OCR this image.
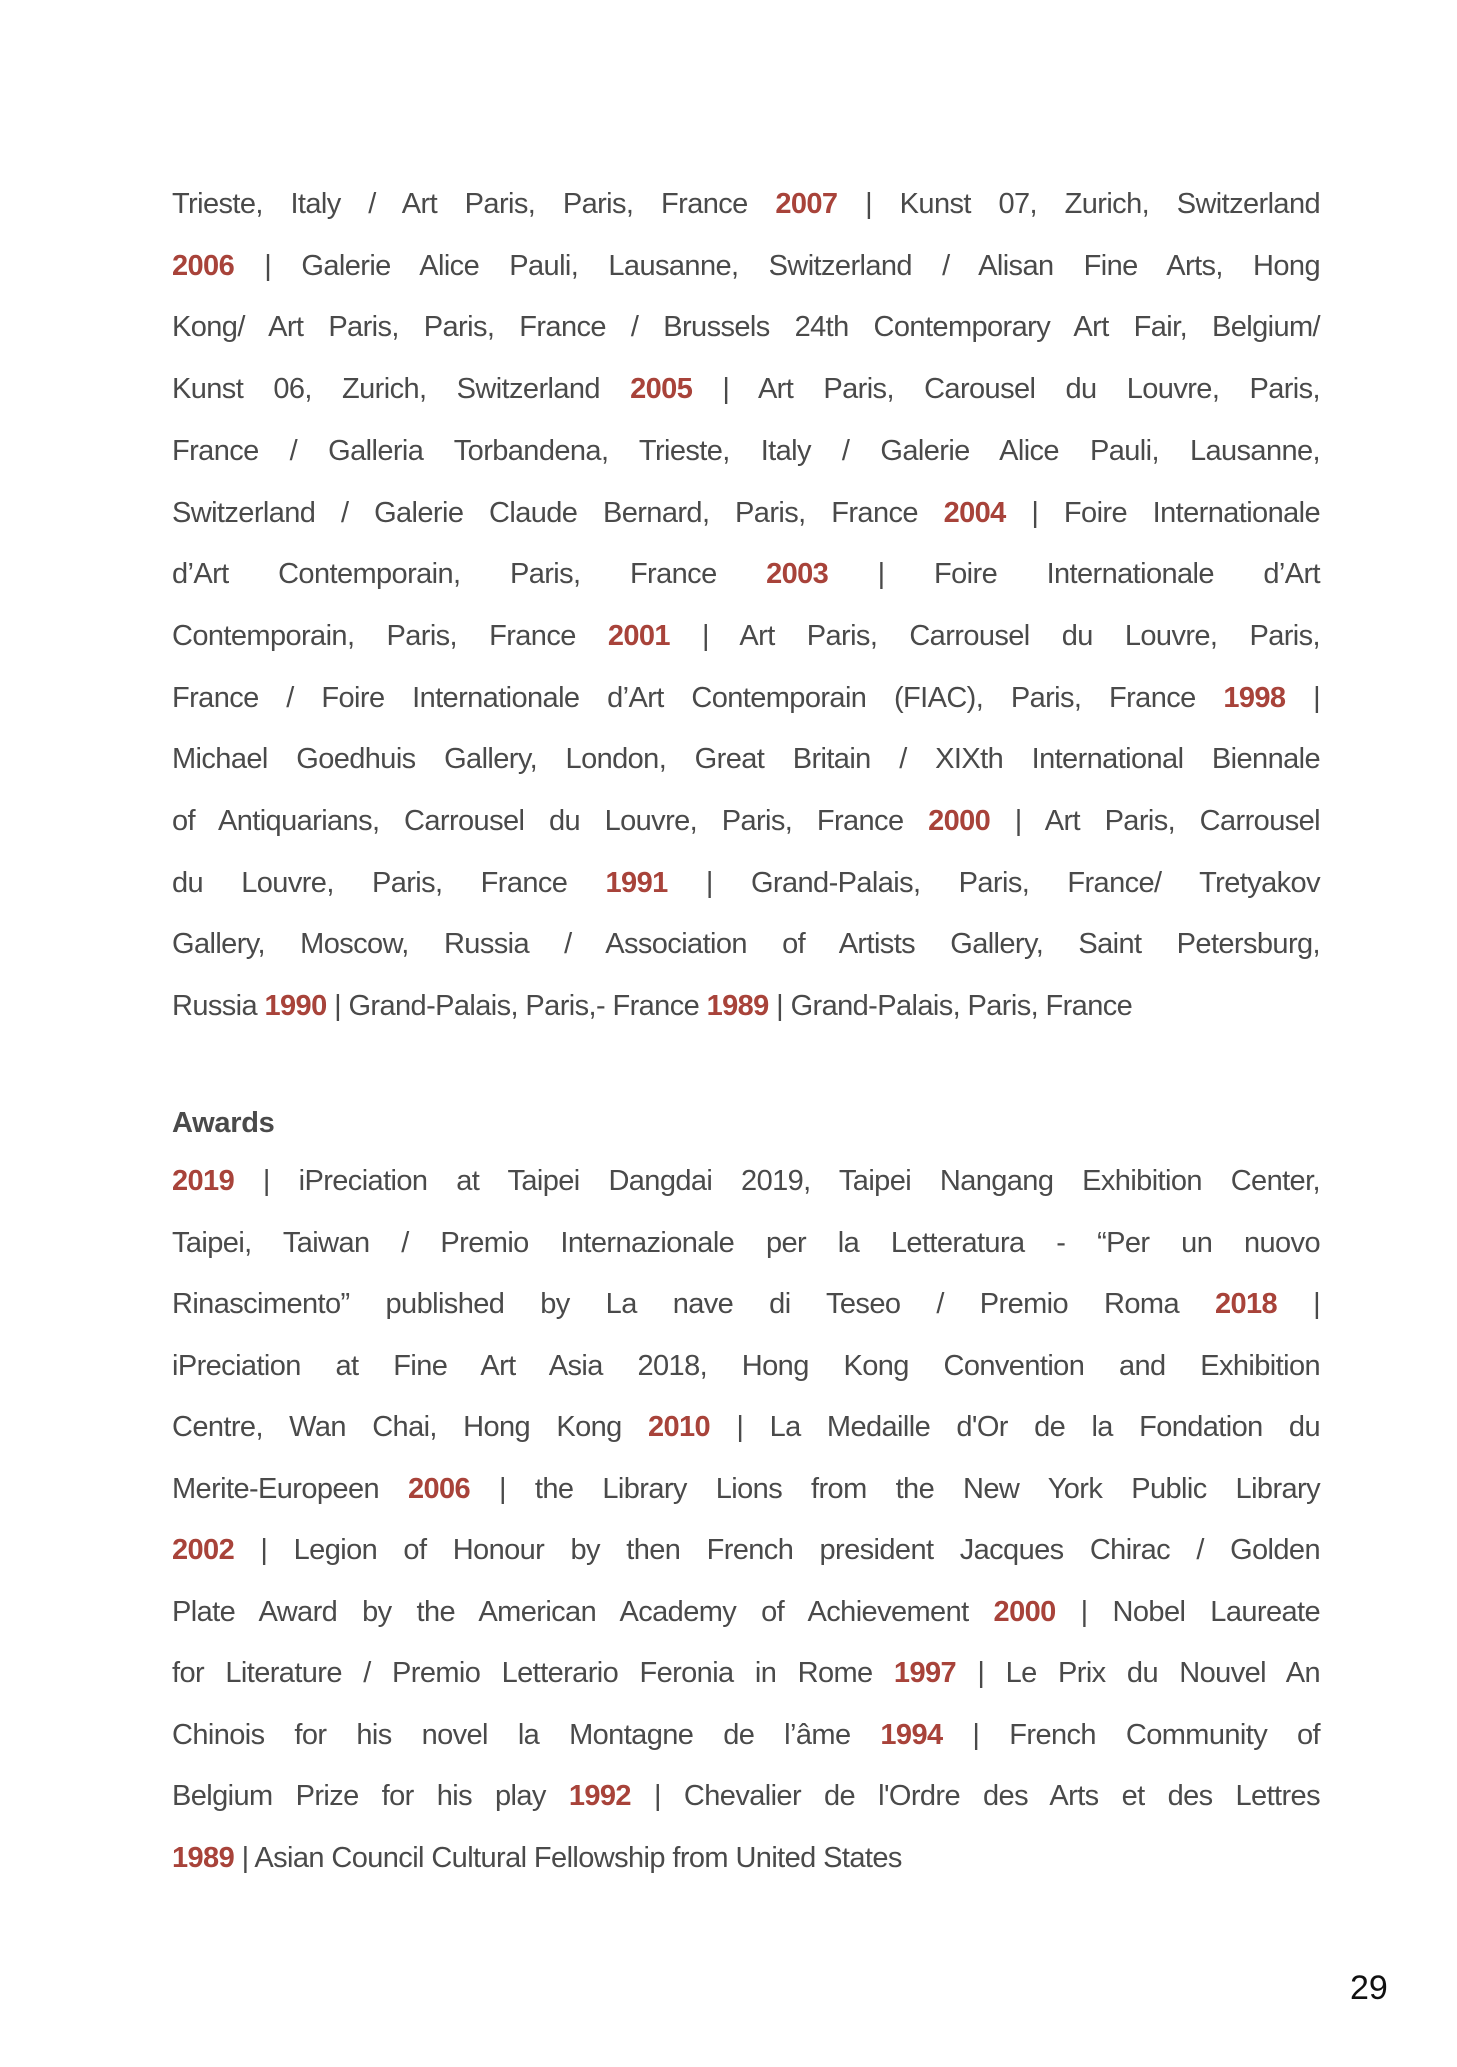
Trieste, Italy / Art Paris, Paris, France 2007 | Kunst 07, Zurich, Switzerland
2006 | Galerie Alice Pauli, Lausanne, Switzerland / Alisan Fine Arts, Hong
Kong/ Art Paris, Paris, France / Brussels 24th Contemporary Art Fair, Belgium/
Kunst 06, Zurich, Switzerland 2005 | Art Paris, Carousel du Louvre, Paris,
France / Galleria Torbandena, Trieste, Italy / Galerie Alice Pauli, Lausanne,
Switzerland / Galerie Claude Bernard, Paris, France 2004 | Foire Internationale
d’Art Contemporain, Paris, France 2003 | Foire Internationale d’Art
Contemporain, Paris, France 2001 | Art Paris, Carrousel du Louvre, Paris,
France / Foire Internationale d’Art Contemporain (FIAC), Paris, France 1998 |
Michael Goedhuis Gallery, London, Great Britain / XIXth International Biennale
of Antiquarians, Carrousel du Louvre, Paris, France 2000 | Art Paris, Carrousel
du Louvre, Paris, France 1991 | Grand-Palais, Paris, France/ Tretyakov
Gallery, Moscow, Russia / Association of Artists Gallery, Saint Petersburg,
Russia 1990 | Grand-Palais, Paris,- France 1989 | Grand-Palais, Paris, France
Awards
2019 | iPreciation at Taipei Dangdai 2019, Taipei Nangang Exhibition Center,
Taipei, Taiwan / Premio Internazionale per la Letteratura - “Per un nuovo
Rinascimento” published by La nave di Teseo / Premio Roma 2018 |
iPreciation at Fine Art Asia 2018, Hong Kong Convention and Exhibition
Centre, Wan Chai, Hong Kong 2010 | La Medaille d'Or de la Fondation du
Merite-Europeen 2006 | the Library Lions from the New York Public Library
2002 | Legion of Honour by then French president Jacques Chirac / Golden
Plate Award by the American Academy of Achievement 2000 | Nobel Laureate
for Literature / Premio Letterario Feronia in Rome 1997 | Le Prix du Nouvel An
Chinois for his novel la Montagne de l’âme 1994 | French Community of
Belgium Prize for his play 1992 | Chevalier de l'Ordre des Arts et des Lettres
1989 | Asian Council Cultural Fellowship from United States
29
